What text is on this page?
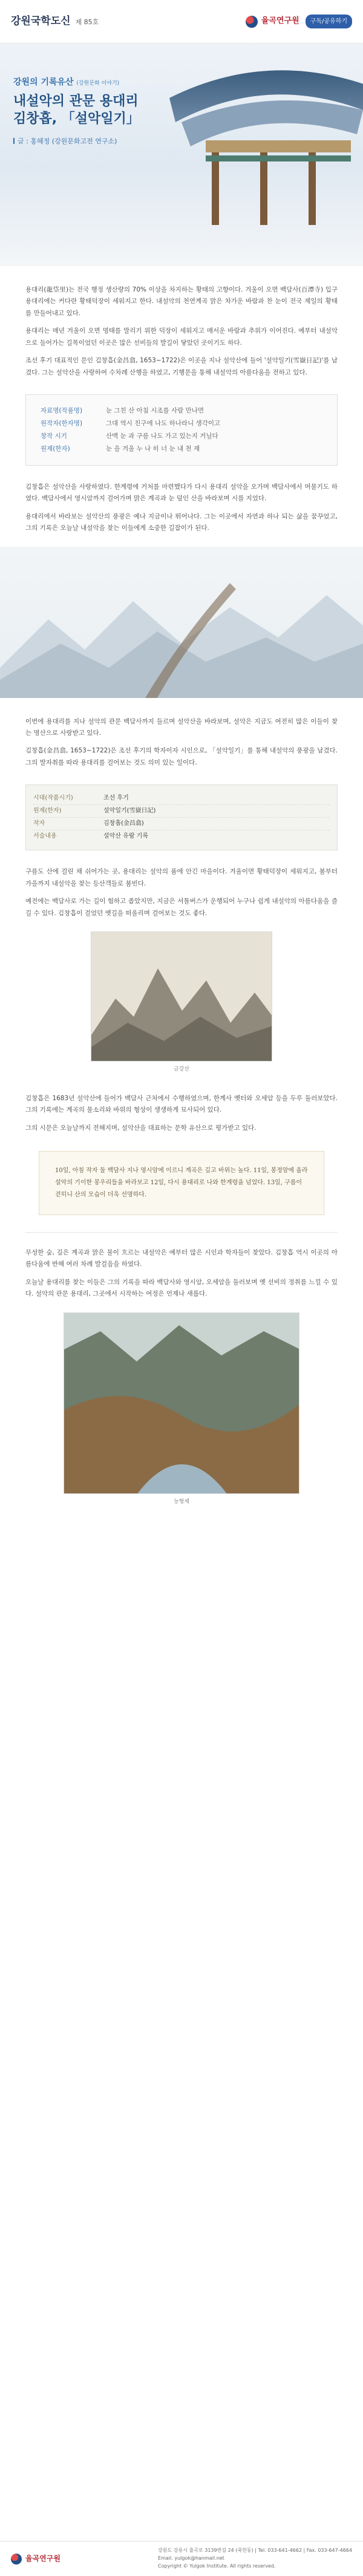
강원국학도신 제 85호	율곡연구원	구독/공유하기
강원의 기록유산 (강원문화 이야기)
내설악의 관문 용대리
김창흡, 「설악일기」
글 : 홍혜정 (강원문화고전 연구소)

용대리(龍垈里)는 전국 행정 생산량의 70% 이상을 차지하는 황태의 고향이다. 겨울이 오면 백담사(百潭寺) 입구 용대리에는 커다란 황태덕장이 세워지고 한다. 내설악의 천연계곡 맑은 차가운 바람과 찬 눈이 전국 제일의 황태를 만들어내고 있다.

용대리는 매년 겨울이 오면 명태를 말리기 위한 덕장이 세워지고 매서운 바람과 추위가 이어진다. 예부터 내설악으로 들어가는 길목이었던 이곳은 많은 선비들의 발길이 닿았던 곳이기도 하다.

조선 후기 대표적인 문인 김창흡(金昌翕, 1653~1722)은 이곳을 지나 설악산에 들어 '설악일기(雪嶽日記)'를 남겼다. 그는 설악산을 사랑하여 수차례 산행을 하였고, 기행문을 통해 내설악의 아름다움을 전하고 있다.

자료명(작품명)	눈 그친 산 아침 시조를 사람 만나면
원작자(한자명)	그대 역시 친구에 나도 하나라니 생각이고
창작 시기	산맥 눈 과 구름 나도 가고 있는지 거닐다
원제(한자)	눈 을 겨울 누 나 히 너 눈 내 천 재

김창흡은 설악산을 사랑하였다. 한계령에 거처를 마련했다가 다시 용대리 설악을 오가며 백담사에서 머물기도 하였다. 백담사에서 영시암까지 걸어가며 맑은 계곡과 눈 덮인 산을 바라보며 시를 지었다.

용대리에서 바라보는 설악산의 풍광은 예나 지금이나 뛰어나다. 그는 이곳에서 자연과 하나 되는 삶을 꿈꾸었고, 그의 기록은 오늘날 내설악을 찾는 이들에게 소중한 길잡이가 된다.

이번에 용대리를 지나 설악의 관문 백담사까지 들르며 설악산을 바라보며, 설악은 지금도 여전히 많은 이들이 찾는 명산으로 사랑받고 있다.

김창흡(金昌翕, 1653~1722)은 조선 후기의 학자이자 시인으로, 「설악일기」를 통해 내설악의 풍광을 남겼다. 그의 발자취를 따라 용대리를 걸어보는 것도 의미 있는 일이다.

시대(작품시기)	조선 후기
원제(한자)	설악일기(雪嶽日記)
작자	김창흡(金昌翕)
서술내용	설악산 유람 기록

구름도 산에 걸린 채 쉬어가는 곳, 용대리는 설악의 품에 안긴 마을이다. 겨울이면 황태덕장이 세워지고, 봄부터 가을까지 내설악을 찾는 등산객들로 붐빈다.

예전에는 백담사로 가는 길이 험하고 좁았지만, 지금은 셔틀버스가 운행되어 누구나 쉽게 내설악의 아름다움을 즐길 수 있다. 김창흡이 걸었던 옛길을 떠올리며 걸어보는 것도 좋다.

금강산

김창흡은 1683년 설악산에 들어가 백담사 근처에서 수행하였으며, 한계사 옛터와 오세암 등을 두루 둘러보았다. 그의 기록에는 계곡의 물소리와 바위의 형상이 생생하게 묘사되어 있다.

그의 시문은 오늘날까지 전해지며, 설악산을 대표하는 문학 유산으로 평가받고 있다.

10일, 아침 작자 둘 백담사 지나 영시암에 이르니 계곡은 깊고 바위는 높다. 11일, 봉정암에 올라 설악의 기이한 봉우리들을 바라보고 12일, 다시 용대리로 나와 한계령을 넘었다. 13일, 구름이 걷히니 산의 모습이 더욱 선명하다.

무성한 숲, 깊은 계곡과 맑은 물이 흐르는 내설악은 예부터 많은 시인과 학자들이 찾았다. 김창흡 역시 이곳의 아름다움에 반해 여러 차례 발걸음을 하였다.

오늘날 용대리를 찾는 이들은 그의 기록을 따라 백담사와 영시암, 오세암을 둘러보며 옛 선비의 정취를 느낄 수 있다. 설악의 관문 용대리, 그곳에서 시작하는 여정은 언제나 새롭다.

능형제
율곡연구원
강원도 강릉시 율곡로 3139번길 24 (죽헌동) | Tel. 033-641-4662 | Fax. 033-647-4664
Email. yulgok@hanmail.net
Copyright © Yulgok Institute. All rights reserved.
